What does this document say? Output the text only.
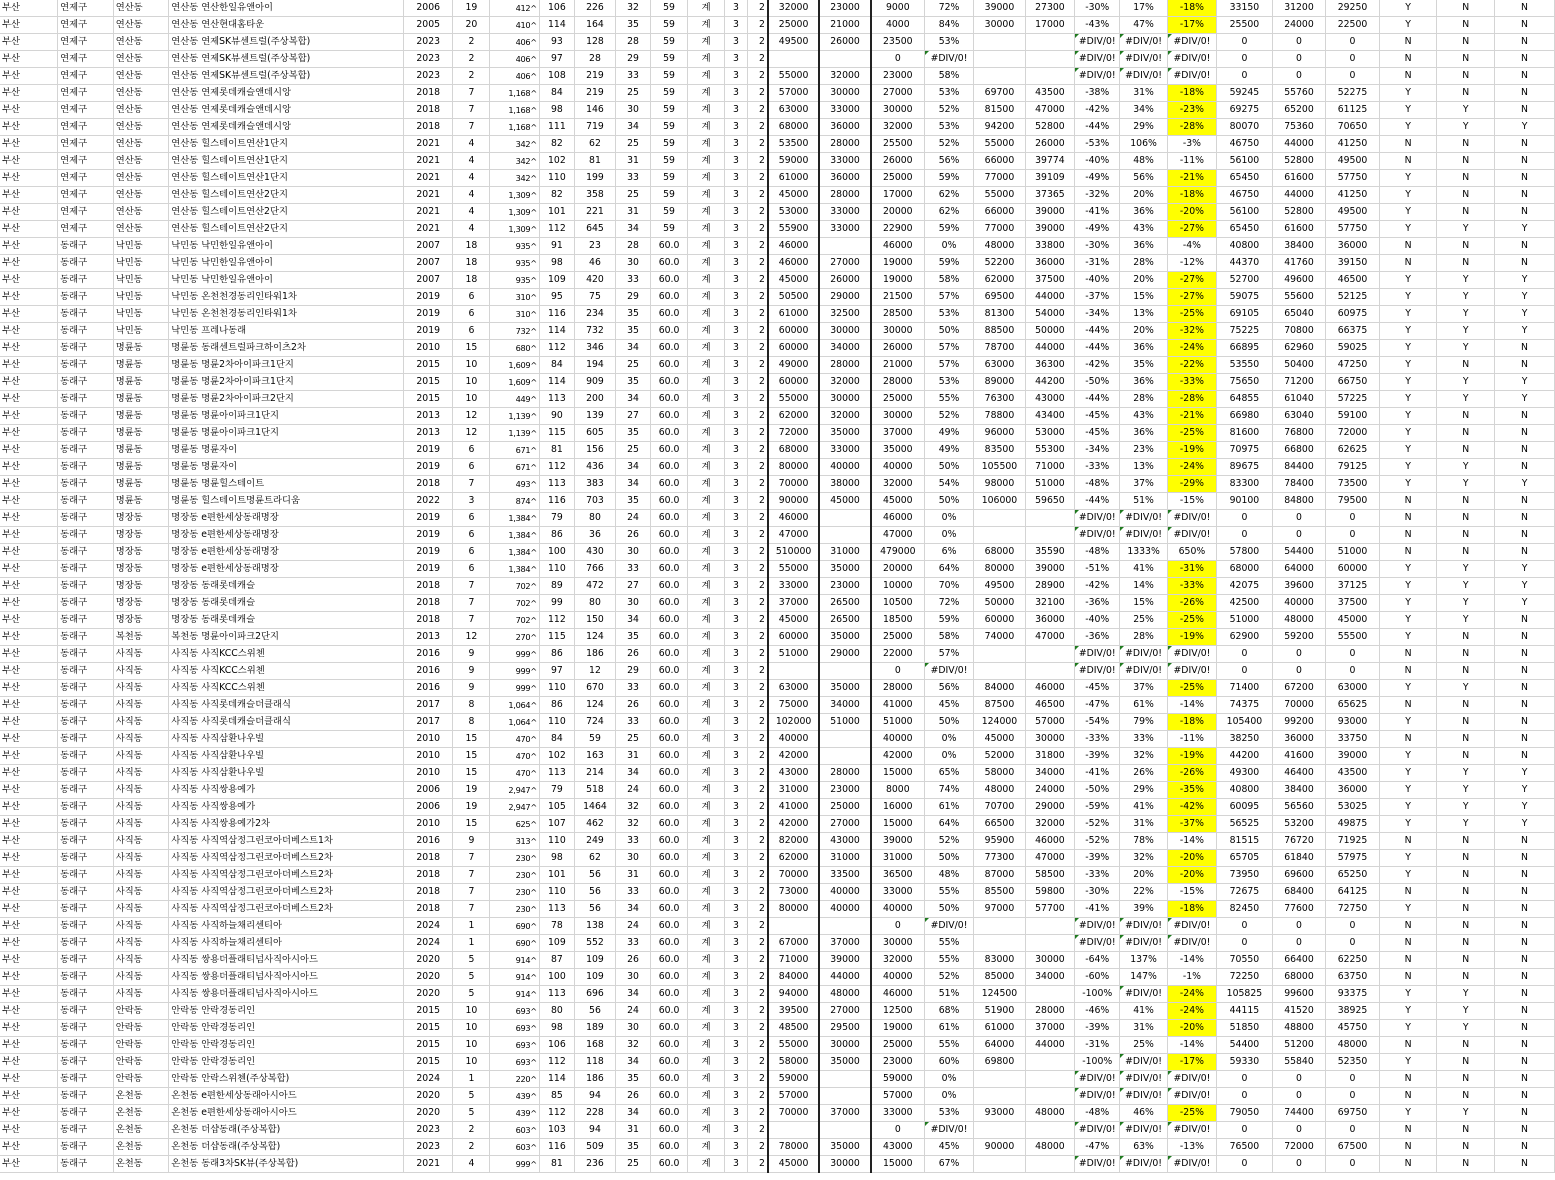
부산	연제구	연산동	연산동 연산한일유앤아이	2006	19	412^	106	226	32	59	계	3	2	32000	23000	9000	72%	39000	27300	-30%	17%	-18%	33150	31200	29250	Y	N	N
부산	연제구	연산동	연산동 연산현대홈타운	2005	20	410^	114	164	35	59	계	3	2	25000	21000	4000	84%	30000	17000	-43%	47%	-17%	25500	24000	22500	Y	N	N
부산	연제구	연산동	연산동 연제SK뷰센트럴(주상복합)	2023	2	406^	93	128	28	59	계	3	2	49500	26000	23500	53%			#DIV/0!	#DIV/0!	#DIV/0!	0	0	0	N	N	N
부산	연제구	연산동	연산동 연제SK뷰센트럴(주상복합)	2023	2	406^	97	28	29	59	계	3	2			0	#DIV/0!			#DIV/0!	#DIV/0!	#DIV/0!	0	0	0	N	N	N
부산	연제구	연산동	연산동 연제SK뷰센트럴(주상복합)	2023	2	406^	108	219	33	59	계	3	2	55000	32000	23000	58%			#DIV/0!	#DIV/0!	#DIV/0!	0	0	0	N	N	N
부산	연제구	연산동	연산동 연제롯데캐슬앤데시앙	2018	7	1,168^	84	219	25	59	계	3	2	57000	30000	27000	53%	69700	43500	-38%	31%	-18%	59245	55760	52275	Y	N	N
부산	연제구	연산동	연산동 연제롯데캐슬앤데시앙	2018	7	1,168^	98	146	30	59	계	3	2	63000	33000	30000	52%	81500	47000	-42%	34%	-23%	69275	65200	61125	Y	Y	N
부산	연제구	연산동	연산동 연제롯데캐슬앤데시앙	2018	7	1,168^	111	719	34	59	계	3	2	68000	36000	32000	53%	94200	52800	-44%	29%	-28%	80070	75360	70650	Y	Y	Y
부산	연제구	연산동	연산동 힐스테이트연산1단지	2021	4	342^	82	62	25	59	계	3	2	53500	28000	25500	52%	55000	26000	-53%	106%	-3%	46750	44000	41250	N	N	N
부산	연제구	연산동	연산동 힐스테이트연산1단지	2021	4	342^	102	81	31	59	계	3	2	59000	33000	26000	56%	66000	39774	-40%	48%	-11%	56100	52800	49500	N	N	N
부산	연제구	연산동	연산동 힐스테이트연산1단지	2021	4	342^	110	199	33	59	계	3	2	61000	36000	25000	59%	77000	39109	-49%	56%	-21%	65450	61600	57750	Y	N	N
부산	연제구	연산동	연산동 힐스테이트연산2단지	2021	4	1,309^	82	358	25	59	계	3	2	45000	28000	17000	62%	55000	37365	-32%	20%	-18%	46750	44000	41250	Y	N	N
부산	연제구	연산동	연산동 힐스테이트연산2단지	2021	4	1,309^	101	221	31	59	계	3	2	53000	33000	20000	62%	66000	39000	-41%	36%	-20%	56100	52800	49500	Y	N	N
부산	연제구	연산동	연산동 힐스테이트연산2단지	2021	4	1,309^	112	645	34	59	계	3	2	55900	33000	22900	59%	77000	39000	-49%	43%	-27%	65450	61600	57750	Y	Y	Y
부산	동래구	낙민동	낙민동 낙민한일유앤아이	2007	18	935^	91	23	28	60.0	계	3	2	46000		46000	0%	48000	33800	-30%	36%	-4%	40800	38400	36000	N	N	N
부산	동래구	낙민동	낙민동 낙민한일유앤아이	2007	18	935^	98	46	30	60.0	계	3	2	46000	27000	19000	59%	52200	36000	-31%	28%	-12%	44370	41760	39150	N	N	N
부산	동래구	낙민동	낙민동 낙민한일유앤아이	2007	18	935^	109	420	33	60.0	계	3	2	45000	26000	19000	58%	62000	37500	-40%	20%	-27%	52700	49600	46500	Y	Y	Y
부산	동래구	낙민동	낙민동 온천천경동리인타워1차	2019	6	310^	95	75	29	60.0	계	3	2	50500	29000	21500	57%	69500	44000	-37%	15%	-27%	59075	55600	52125	Y	Y	Y
부산	동래구	낙민동	낙민동 온천천경동리인타워1차	2019	6	310^	116	234	35	60.0	계	3	2	61000	32500	28500	53%	81300	54000	-34%	13%	-25%	69105	65040	60975	Y	Y	Y
부산	동래구	낙민동	낙민동 프레나동래	2019	6	732^	114	732	35	60.0	계	3	2	60000	30000	30000	50%	88500	50000	-44%	20%	-32%	75225	70800	66375	Y	Y	Y
부산	동래구	명륜동	명륜동 동래센트럴파크하이츠2차	2010	15	680^	112	346	34	60.0	계	3	2	60000	34000	26000	57%	78700	44000	-44%	36%	-24%	66895	62960	59025	Y	Y	N
부산	동래구	명륜동	명륜동 명륜2차아이파크1단지	2015	10	1,609^	84	194	25	60.0	계	3	2	49000	28000	21000	57%	63000	36300	-42%	35%	-22%	53550	50400	47250	Y	N	N
부산	동래구	명륜동	명륜동 명륜2차아이파크1단지	2015	10	1,609^	114	909	35	60.0	계	3	2	60000	32000	28000	53%	89000	44200	-50%	36%	-33%	75650	71200	66750	Y	Y	Y
부산	동래구	명륜동	명륜동 명륜2차아이파크2단지	2015	10	449^	113	200	34	60.0	계	3	2	55000	30000	25000	55%	76300	43000	-44%	28%	-28%	64855	61040	57225	Y	Y	Y
부산	동래구	명륜동	명륜동 명륜아이파크1단지	2013	12	1,139^	90	139	27	60.0	계	3	2	62000	32000	30000	52%	78800	43400	-45%	43%	-21%	66980	63040	59100	Y	N	N
부산	동래구	명륜동	명륜동 명륜아이파크1단지	2013	12	1,139^	115	605	35	60.0	계	3	2	72000	35000	37000	49%	96000	53000	-45%	36%	-25%	81600	76800	72000	Y	N	N
부산	동래구	명륜동	명륜동 명륜자이	2019	6	671^	81	156	25	60.0	계	3	2	68000	33000	35000	49%	83500	55300	-34%	23%	-19%	70975	66800	62625	Y	N	N
부산	동래구	명륜동	명륜동 명륜자이	2019	6	671^	112	436	34	60.0	계	3	2	80000	40000	40000	50%	105500	71000	-33%	13%	-24%	89675	84400	79125	Y	Y	N
부산	동래구	명륜동	명륜동 명륜힐스테이트	2018	7	493^	113	383	34	60.0	계	3	2	70000	38000	32000	54%	98000	51000	-48%	37%	-29%	83300	78400	73500	Y	Y	Y
부산	동래구	명륜동	명륜동 힐스테이트명륜트라디움	2022	3	874^	116	703	35	60.0	계	3	2	90000	45000	45000	50%	106000	59650	-44%	51%	-15%	90100	84800	79500	N	N	N
부산	동래구	명장동	명장동 e편한세상동래명장	2019	6	1,384^	79	80	24	60.0	계	3	2	46000		46000	0%			#DIV/0!	#DIV/0!	#DIV/0!	0	0	0	N	N	N
부산	동래구	명장동	명장동 e편한세상동래명장	2019	6	1,384^	86	36	26	60.0	계	3	2	47000		47000	0%			#DIV/0!	#DIV/0!	#DIV/0!	0	0	0	N	N	N
부산	동래구	명장동	명장동 e편한세상동래명장	2019	6	1,384^	100	430	30	60.0	계	3	2	510000	31000	479000	6%	68000	35590	-48%	1333%	650%	57800	54400	51000	N	N	N
부산	동래구	명장동	명장동 e편한세상동래명장	2019	6	1,384^	110	766	33	60.0	계	3	2	55000	35000	20000	64%	80000	39000	-51%	41%	-31%	68000	64000	60000	Y	Y	Y
부산	동래구	명장동	명장동 동래롯데캐슬	2018	7	702^	89	472	27	60.0	계	3	2	33000	23000	10000	70%	49500	28900	-42%	14%	-33%	42075	39600	37125	Y	Y	Y
부산	동래구	명장동	명장동 동래롯데캐슬	2018	7	702^	99	80	30	60.0	계	3	2	37000	26500	10500	72%	50000	32100	-36%	15%	-26%	42500	40000	37500	Y	Y	Y
부산	동래구	명장동	명장동 동래롯데캐슬	2018	7	702^	112	150	34	60.0	계	3	2	45000	26500	18500	59%	60000	36000	-40%	25%	-25%	51000	48000	45000	Y	Y	N
부산	동래구	복천동	복천동 명륜아이파크2단지	2013	12	270^	115	124	35	60.0	계	3	2	60000	35000	25000	58%	74000	47000	-36%	28%	-19%	62900	59200	55500	Y	N	N
부산	동래구	사직동	사직동 사직KCC스위첸	2016	9	999^	86	186	26	60.0	계	3	2	51000	29000	22000	57%			#DIV/0!	#DIV/0!	#DIV/0!	0	0	0	N	N	N
부산	동래구	사직동	사직동 사직KCC스위첸	2016	9	999^	97	12	29	60.0	계	3	2			0	#DIV/0!			#DIV/0!	#DIV/0!	#DIV/0!	0	0	0	N	N	N
부산	동래구	사직동	사직동 사직KCC스위첸	2016	9	999^	110	670	33	60.0	계	3	2	63000	35000	28000	56%	84000	46000	-45%	37%	-25%	71400	67200	63000	Y	Y	N
부산	동래구	사직동	사직동 사직롯데캐슬더클래식	2017	8	1,064^	86	124	26	60.0	계	3	2	75000	34000	41000	45%	87500	46500	-47%	61%	-14%	74375	70000	65625	N	N	N
부산	동래구	사직동	사직동 사직롯데캐슬더클래식	2017	8	1,064^	110	724	33	60.0	계	3	2	102000	51000	51000	50%	124000	57000	-54%	79%	-18%	105400	99200	93000	Y	N	N
부산	동래구	사직동	사직동 사직삼환나우빌	2010	15	470^	84	59	25	60.0	계	3	2	40000		40000	0%	45000	30000	-33%	33%	-11%	38250	36000	33750	N	N	N
부산	동래구	사직동	사직동 사직삼환나우빌	2010	15	470^	102	163	31	60.0	계	3	2	42000		42000	0%	52000	31800	-39%	32%	-19%	44200	41600	39000	Y	N	N
부산	동래구	사직동	사직동 사직삼환나우빌	2010	15	470^	113	214	34	60.0	계	3	2	43000	28000	15000	65%	58000	34000	-41%	26%	-26%	49300	46400	43500	Y	Y	Y
부산	동래구	사직동	사직동 사직쌍용예가	2006	19	2,947^	79	518	24	60.0	계	3	2	31000	23000	8000	74%	48000	24000	-50%	29%	-35%	40800	38400	36000	Y	Y	Y
부산	동래구	사직동	사직동 사직쌍용예가	2006	19	2,947^	105	1464	32	60.0	계	3	2	41000	25000	16000	61%	70700	29000	-59%	41%	-42%	60095	56560	53025	Y	Y	Y
부산	동래구	사직동	사직동 사직쌍용예가2차	2010	15	625^	107	462	32	60.0	계	3	2	42000	27000	15000	64%	66500	32000	-52%	31%	-37%	56525	53200	49875	Y	Y	Y
부산	동래구	사직동	사직동 사직역삼정그린코아더베스트1차	2016	9	313^	110	249	33	60.0	계	3	2	82000	43000	39000	52%	95900	46000	-52%	78%	-14%	81515	76720	71925	N	N	N
부산	동래구	사직동	사직동 사직역삼정그린코아더베스트2차	2018	7	230^	98	62	30	60.0	계	3	2	62000	31000	31000	50%	77300	47000	-39%	32%	-20%	65705	61840	57975	Y	N	N
부산	동래구	사직동	사직동 사직역삼정그린코아더베스트2차	2018	7	230^	101	56	31	60.0	계	3	2	70000	33500	36500	48%	87000	58500	-33%	20%	-20%	73950	69600	65250	Y	N	N
부산	동래구	사직동	사직동 사직역삼정그린코아더베스트2차	2018	7	230^	110	56	33	60.0	계	3	2	73000	40000	33000	55%	85500	59800	-30%	22%	-15%	72675	68400	64125	N	N	N
부산	동래구	사직동	사직동 사직역삼정그린코아더베스트2차	2018	7	230^	113	56	34	60.0	계	3	2	80000	40000	40000	50%	97000	57700	-41%	39%	-18%	82450	77600	72750	Y	N	N
부산	동래구	사직동	사직동 사직하늘채리센티아	2024	1	690^	78	138	24	60.0	계	3	2			0	#DIV/0!			#DIV/0!	#DIV/0!	#DIV/0!	0	0	0	N	N	N
부산	동래구	사직동	사직동 사직하늘채리센티아	2024	1	690^	109	552	33	60.0	계	3	2	67000	37000	30000	55%			#DIV/0!	#DIV/0!	#DIV/0!	0	0	0	N	N	N
부산	동래구	사직동	사직동 쌍용더플래티넘사직아시아드	2020	5	914^	87	109	26	60.0	계	3	2	71000	39000	32000	55%	83000	30000	-64%	137%	-14%	70550	66400	62250	N	N	N
부산	동래구	사직동	사직동 쌍용더플래티넘사직아시아드	2020	5	914^	100	109	30	60.0	계	3	2	84000	44000	40000	52%	85000	34000	-60%	147%	-1%	72250	68000	63750	N	N	N
부산	동래구	사직동	사직동 쌍용더플래티넘사직아시아드	2020	5	914^	113	696	34	60.0	계	3	2	94000	48000	46000	51%	124500		-100%	#DIV/0!	-24%	105825	99600	93375	Y	Y	N
부산	동래구	안락동	안락동 안락경동리인	2015	10	693^	80	56	24	60.0	계	3	2	39500	27000	12500	68%	51900	28000	-46%	41%	-24%	44115	41520	38925	Y	Y	N
부산	동래구	안락동	안락동 안락경동리인	2015	10	693^	98	189	30	60.0	계	3	2	48500	29500	19000	61%	61000	37000	-39%	31%	-20%	51850	48800	45750	Y	Y	N
부산	동래구	안락동	안락동 안락경동리인	2015	10	693^	106	168	32	60.0	계	3	2	55000	30000	25000	55%	64000	44000	-31%	25%	-14%	54400	51200	48000	N	N	N
부산	동래구	안락동	안락동 안락경동리인	2015	10	693^	112	118	34	60.0	계	3	2	58000	35000	23000	60%	69800		-100%	#DIV/0!	-17%	59330	55840	52350	Y	N	N
부산	동래구	안락동	안락동 안락스위첸(주상복합)	2024	1	220^	114	186	35	60.0	계	3	2	59000		59000	0%			#DIV/0!	#DIV/0!	#DIV/0!	0	0	0	N	N	N
부산	동래구	온천동	온천동 e편한세상동래아시아드	2020	5	439^	85	94	26	60.0	계	3	2	57000		57000	0%			#DIV/0!	#DIV/0!	#DIV/0!	0	0	0	N	N	N
부산	동래구	온천동	온천동 e편한세상동래아시아드	2020	5	439^	112	228	34	60.0	계	3	2	70000	37000	33000	53%	93000	48000	-48%	46%	-25%	79050	74400	69750	Y	Y	N
부산	동래구	온천동	온천동 더샵동래(주상복합)	2023	2	603^	103	94	31	60.0	계	3	2			0	#DIV/0!			#DIV/0!	#DIV/0!	#DIV/0!	0	0	0	N	N	N
부산	동래구	온천동	온천동 더샵동래(주상복합)	2023	2	603^	116	509	35	60.0	계	3	2	78000	35000	43000	45%	90000	48000	-47%	63%	-13%	76500	72000	67500	N	N	N
부산	동래구	온천동	온천동 동래3차SK뷰(주상복합)	2021	4	999^	81	236	25	60.0	계	3	2	45000	30000	15000	67%			#DIV/0!	#DIV/0!	#DIV/0!	0	0	0	N	N	N
